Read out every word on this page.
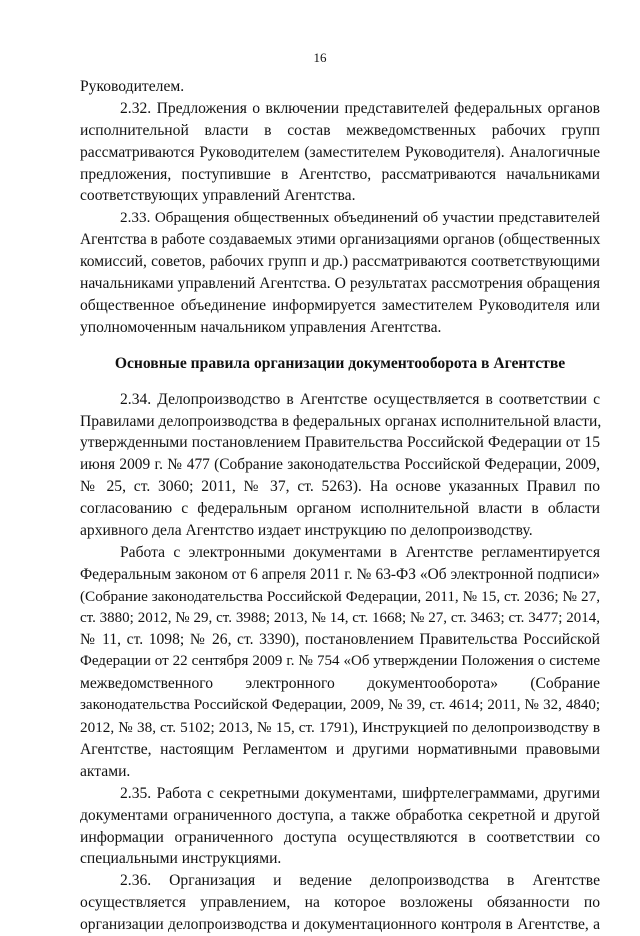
16
Руководителем.
2.32. Предложения о включении представителей федеральных органов
исполнительной власти в состав межведомственных рабочих групп
рассматриваются Руководителем (заместителем Руководителя). Аналогичные
предложения, поступившие в Агентство, рассматриваются начальниками
соответствующих управлений Агентства.
2.33. Обращения общественных объединений об участии представителей
Агентства в работе создаваемых этими организациями органов (общественных
комиссий, советов, рабочих групп и др.) рассматриваются соответствующими
начальниками управлений Агентства. О результатах рассмотрения обращения
общественное объединение информируется заместителем Руководителя или
уполномоченным начальником управления Агентства.
Основные правила организации документооборота в Агентстве
2.34. Делопроизводство в Агентстве осуществляется в соответствии с
Правилами делопроизводства в федеральных органах исполнительной власти,
утвержденными постановлением Правительства Российской Федерации от 15
июня 2009 г. № 477 (Собрание законодательства Российской Федерации, 2009,
№ 25, ст. 3060; 2011, № 37, ст. 5263). На основе указанных Правил по
согласованию с федеральным органом исполнительной власти в области
архивного дела Агентство издает инструкцию по делопроизводству.
Работа с электронными документами в Агентстве регламентируется
Федеральным законом от 6 апреля 2011 г. № 63-ФЗ «Об электронной подписи»
(Собрание законодательства Российской Федерации, 2011, № 15, ст. 2036; № 27,
ст. 3880; 2012, № 29, ст. 3988; 2013, № 14, ст. 1668; № 27, ст. 3463; ст. 3477; 2014,
№ 11, ст. 1098; № 26, ст. 3390), постановлением Правительства Российской
Федерации от 22 сентября 2009 г. № 754 «Об утверждении Положения о системе
межведомственного электронного документооборота» (Собрание
законодательства Российской Федерации, 2009, № 39, ст. 4614; 2011, № 32, 4840;
2012, № 38, ст. 5102; 2013, № 15, ст. 1791), Инструкцией по делопроизводству в
Агентстве, настоящим Регламентом и другими нормативными правовыми
актами.
2.35. Работа с секретными документами, шифртелеграммами, другими
документами ограниченного доступа, а также обработка секретной и другой
информации ограниченного доступа осуществляются в соответствии со
специальными инструкциями.
2.36. Организация и ведение делопроизводства в Агентстве
осуществляется управлением, на которое возложены обязанности по
организации делопроизводства и документационного контроля в Агентстве, а
